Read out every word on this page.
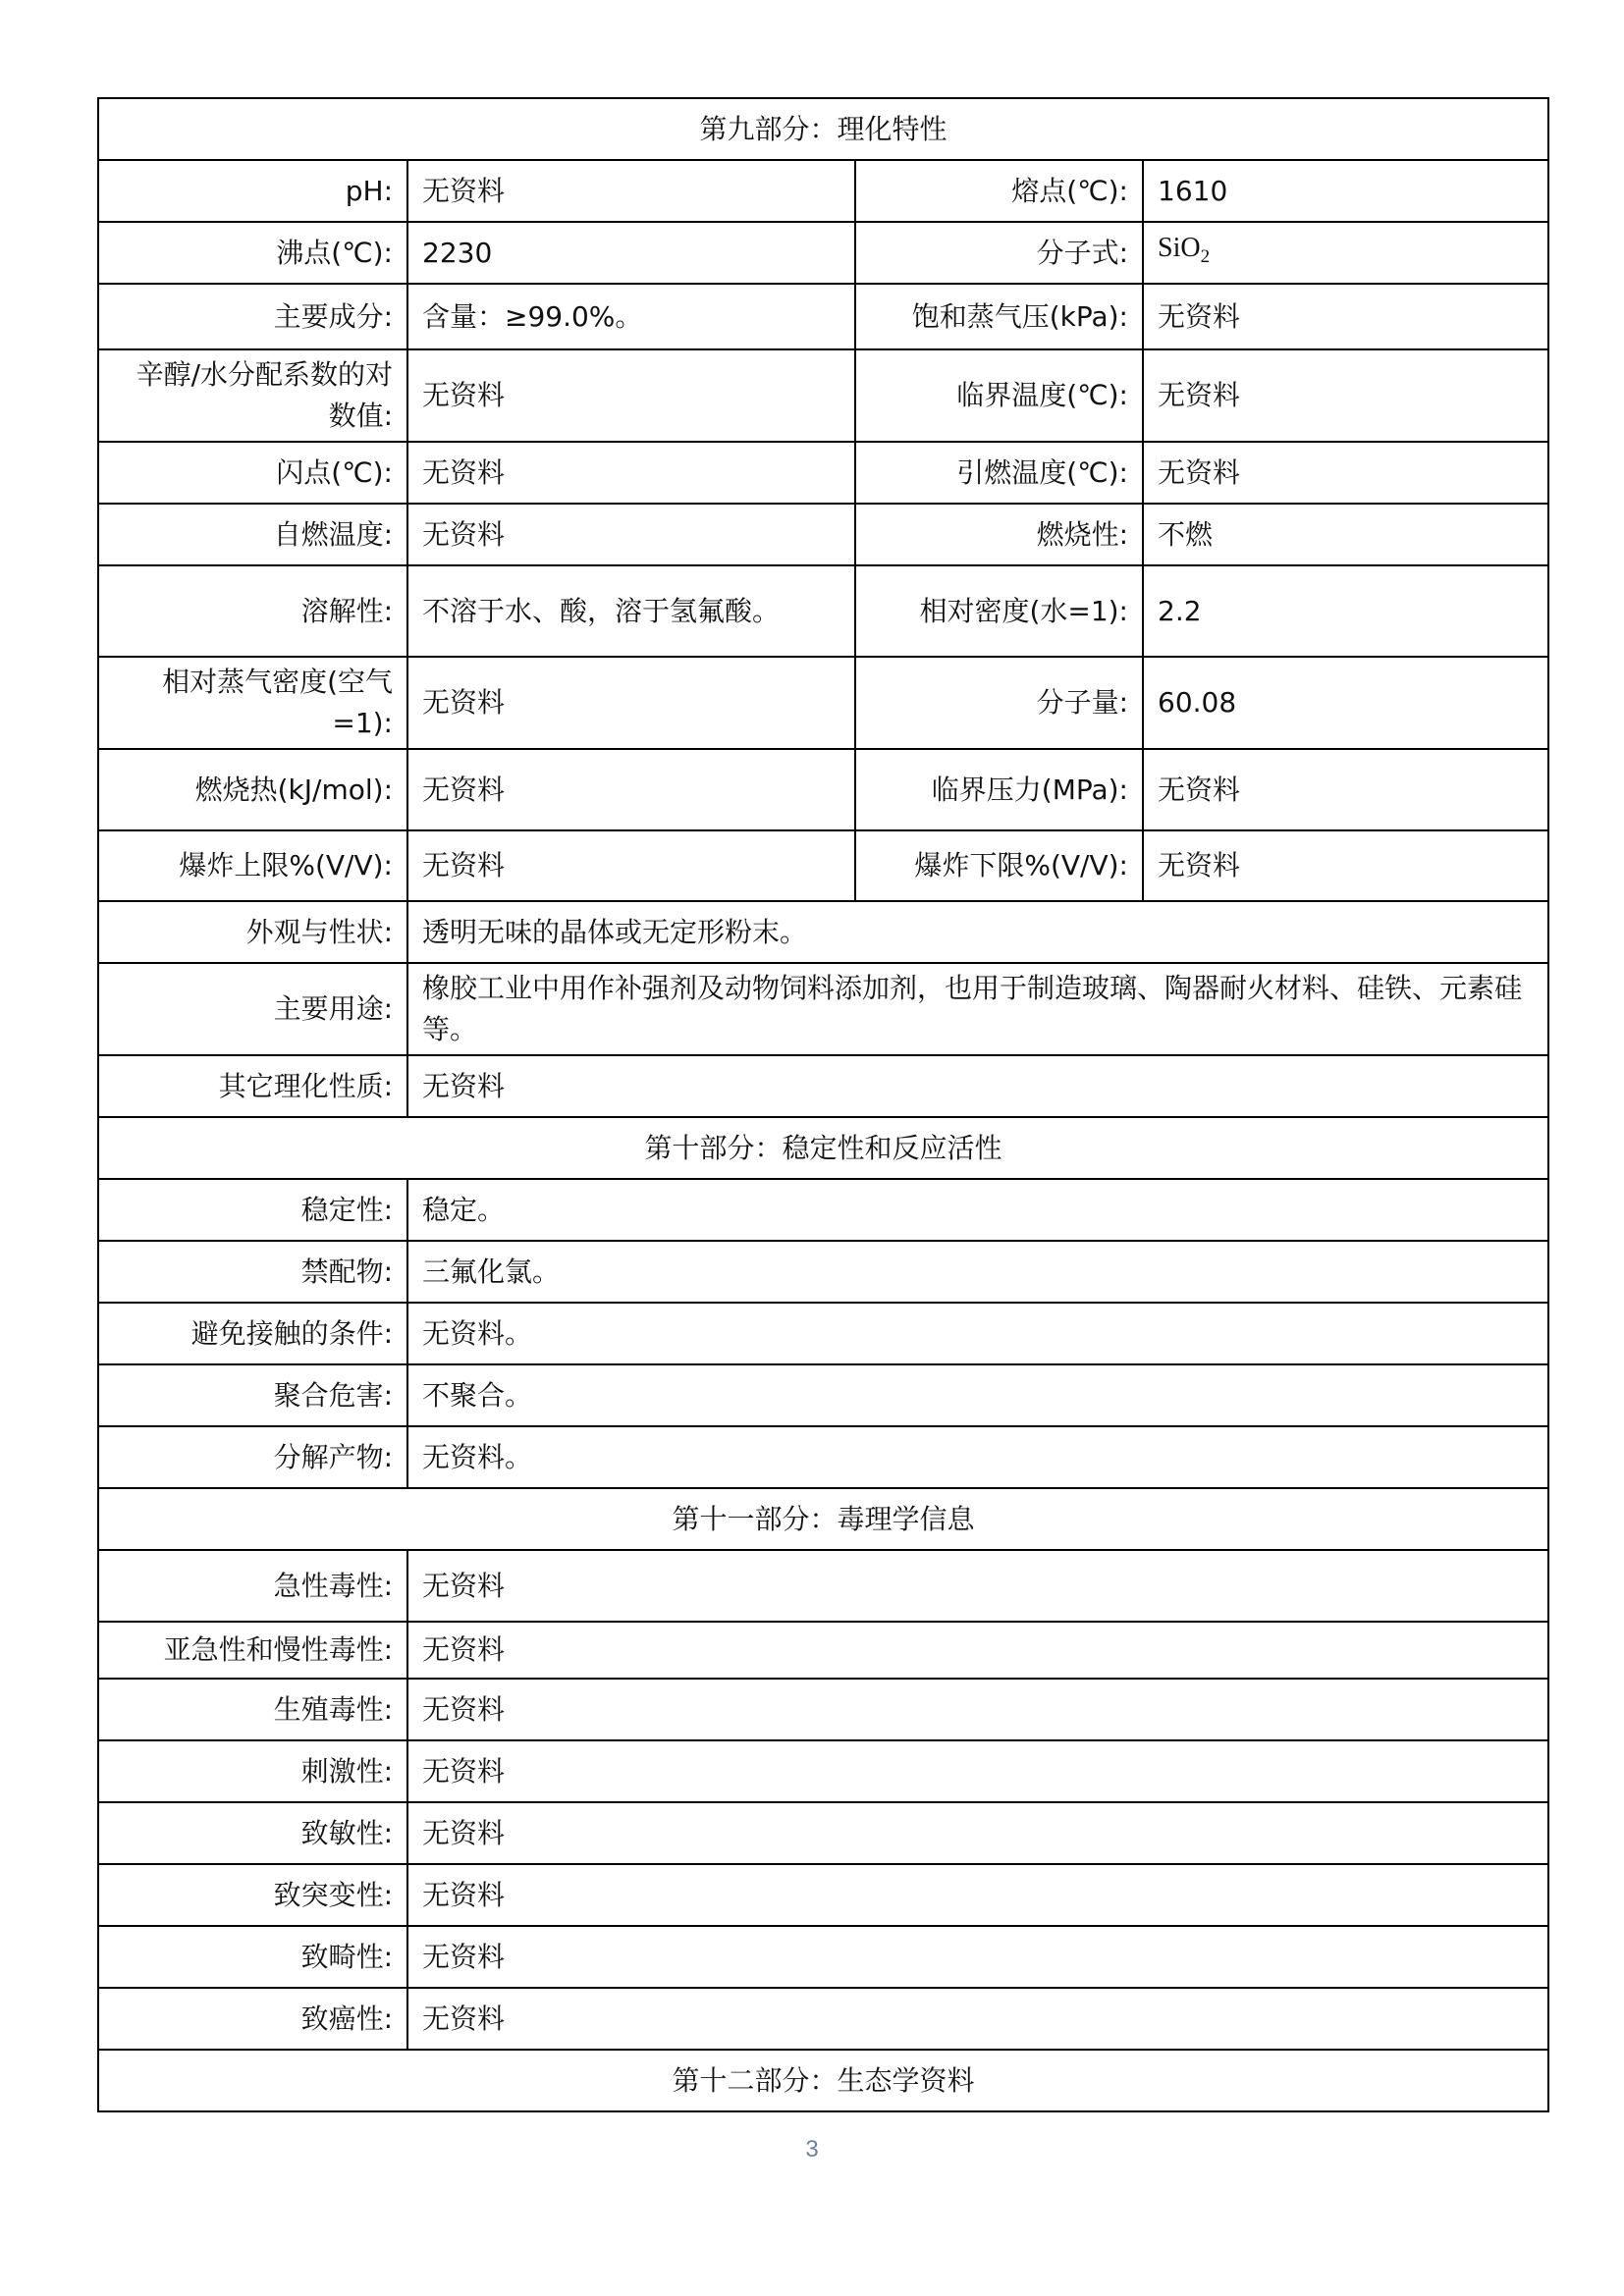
第九部分：理化特性			
pH:	无资料	熔点(℃):	1610
沸点(℃):	2230	分子式:	SiO$_2$
主要成分:	含量：≥99.0%。	饱和蒸气压(kPa):	无资料
辛醇/水分配系数的对数值:	无资料	临界温度(℃):	无资料
闪点(℃):	无资料	引燃温度(℃):	无资料
自燃温度:	无资料	燃烧性:	不燃
溶解性:	不溶于水、酸，溶于氢氟酸。	相对密度(水=1):	2.2
相对蒸气密度(空气=1):	无资料	分子量:	60.08
燃烧热(kJ/mol):	无资料	临界压力(MPa):	无资料
爆炸上限%(V/V):	无资料	爆炸下限%(V/V):	无资料
外观与性状:	透明无味的晶体或无定形粉末。		
主要用途:	橡胶工业中用作补强剂及动物饲料添加剂，也用于制造玻璃、陶器耐火材料、硅铁、元素硅等。		
其它理化性质:	无资料		
第十部分：稳定性和反应活性			
稳定性:	稳定。		
禁配物:	三氟化氯。		
避免接触的条件:	无资料。		
聚合危害:	不聚合。		
分解产物:	无资料。		
第十一部分：毒理学信息			
急性毒性:	无资料		
亚急性和慢性毒性:	无资料		
生殖毒性:	无资料		
刺激性:	无资料		
致敏性:	无资料		
致突变性:	无资料		
致畸性:	无资料		
致癌性:	无资料		
第十二部分：生态学资料			
3
